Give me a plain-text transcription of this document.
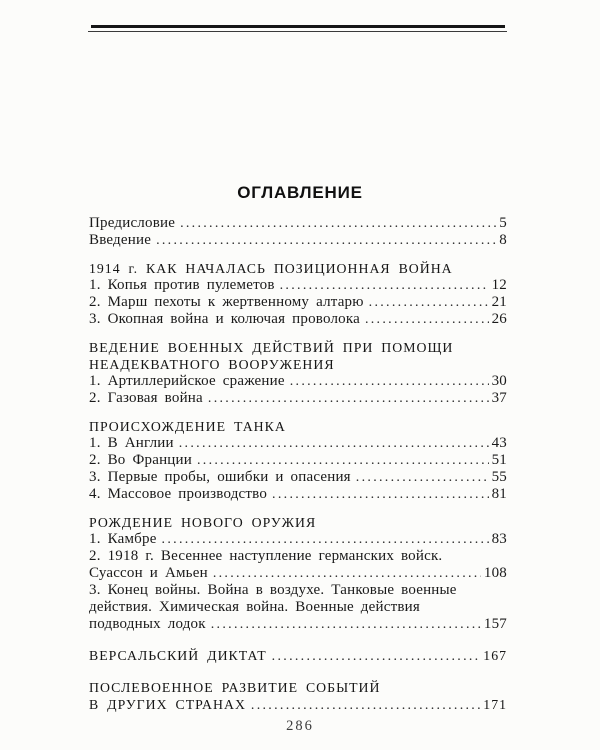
ОГЛАВЛЕНИЕ
Предисловие .....	5
Введение .....	8
1914 г. КАК НАЧАЛАСЬ ПОЗИЦИОННАЯ ВОЙНА
1. Копья против пулеметов .....	12
2. Марш пехоты к жертвенному алтарю .....	21
3. Окопная война и колючая проволока .....	26
ВЕДЕНИЕ ВОЕННЫХ ДЕЙСТВИЙ ПРИ ПОМОЩИ
НЕАДЕКВАТНОГО ВООРУЖЕНИЯ
1. Артиллерийское сражение .....	30
2. Газовая война .....	37
ПРОИСХОЖДЕНИЕ ТАНКА
1. В Англии .....	43
2. Во Франции .....	51
3. Первые пробы, ошибки и опасения .....	55
4. Массовое производство .....	81
РОЖДЕНИЕ НОВОГО ОРУЖИЯ
1. Камбре .....	83
2. 1918 г. Весеннее наступление германских войск.
Суассон и Амьен .....	108
3. Конец войны. Война в воздухе. Танковые военные
действия. Химическая война. Военные действия
подводных лодок .....	157
ВЕРСАЛЬСКИЙ ДИКТАТ .....	167
ПОСЛЕВОЕННОЕ РАЗВИТИЕ СОБЫТИЙ
В ДРУГИХ СТРАНАХ .....	171
286
